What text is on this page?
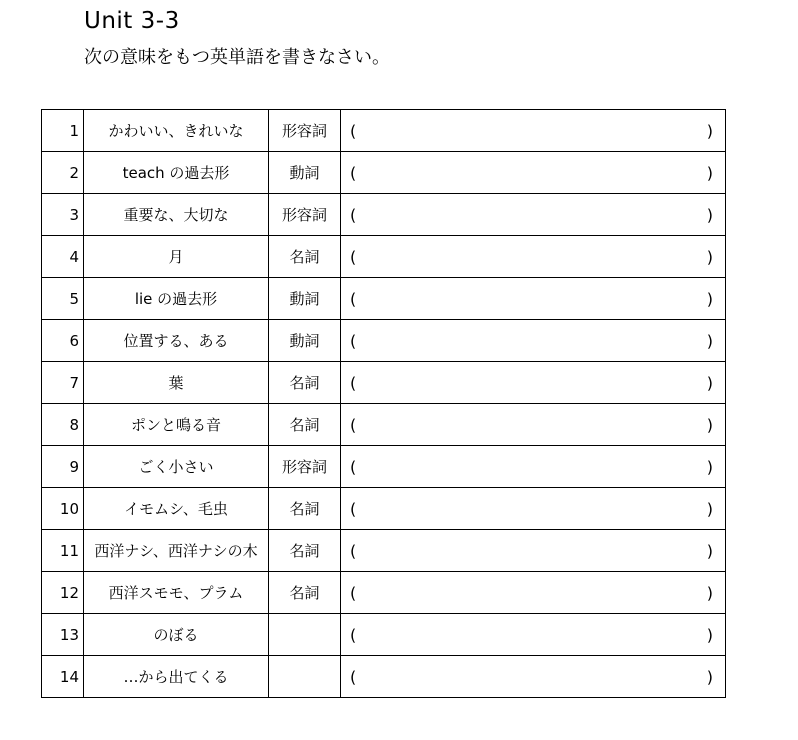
Unit 3-3
次の意味をもつ英単語を書きなさい。
1	かわいい、きれいな	形容詞	( )

2	teach の過去形	動詞	( )

3	重要な、大切な	形容詞	( )

4	月	名詞	( )

5	lie の過去形	動詞	( )

6	位置する、ある	動詞	( )

7	葉	名詞	( )

8	ポンと鳴る音	名詞	( )

9	ごく小さい	形容詞	( )

10	イモムシ、毛虫	名詞	( )

11	西洋ナシ、西洋ナシの木	名詞	( )

12	西洋スモモ、プラム	名詞	( )

13	のぼる		( )

14	…から出てくる		( )
